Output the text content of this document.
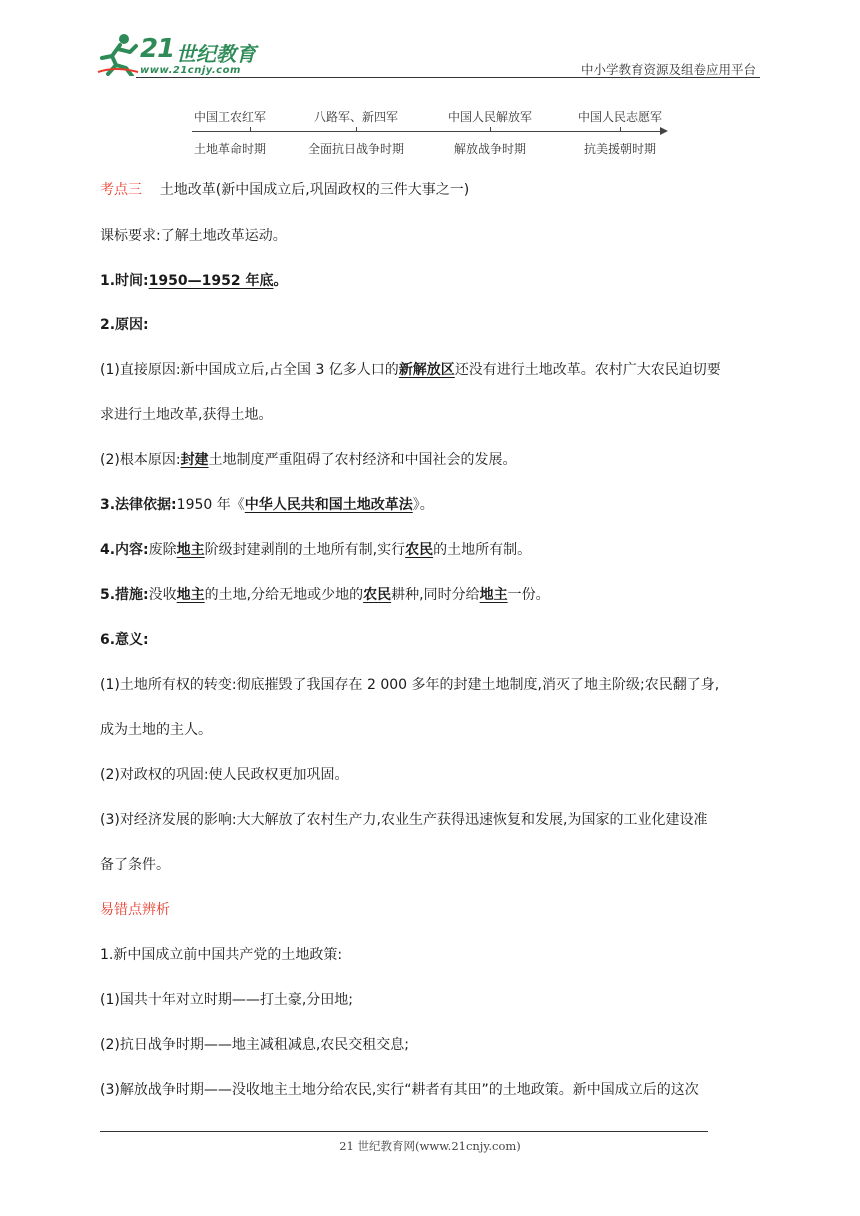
21 世纪教育
www.21cnjy.com	中小学教育资源及组卷应用平台
中国工农红军	八路军、新四军	中国人民解放军	中国人民志愿军
土地革命时期	全面抗日战争时期	解放战争时期	抗美援朝时期
考点三 土地改革(新中国成立后,巩固政权的三件大事之一)
课标要求:了解土地改革运动。
1.时间:1950—1952 年底。
2.原因:
(1)直接原因:新中国成立后,占全国 3 亿多人口的新解放区还没有进行土地改革。农村广大农民迫切要
求进行土地改革,获得土地。
(2)根本原因:封建土地制度严重阻碍了农村经济和中国社会的发展。
3.法律依据:1950 年《中华人民共和国土地改革法》。
4.内容:废除地主阶级封建剥削的土地所有制,实行农民的土地所有制。
5.措施:没收地主的土地,分给无地或少地的农民耕种,同时分给地主一份。
6.意义:
(1)土地所有权的转变:彻底摧毁了我国存在 2 000 多年的封建土地制度,消灭了地主阶级;农民翻了身,
成为土地的主人。
(2)对政权的巩固:使人民政权更加巩固。
(3)对经济发展的影响:大大解放了农村生产力,农业生产获得迅速恢复和发展,为国家的工业化建设准
备了条件。
易错点辨析
1.新中国成立前中国共产党的土地政策:
(1)国共十年对立时期——打土豪,分田地;
(2)抗日战争时期——地主减租减息,农民交租交息;
(3)解放战争时期——没收地主土地分给农民,实行“耕者有其田”的土地政策。新中国成立后的这次
21 世纪教育网(www.21cnjy.com)
